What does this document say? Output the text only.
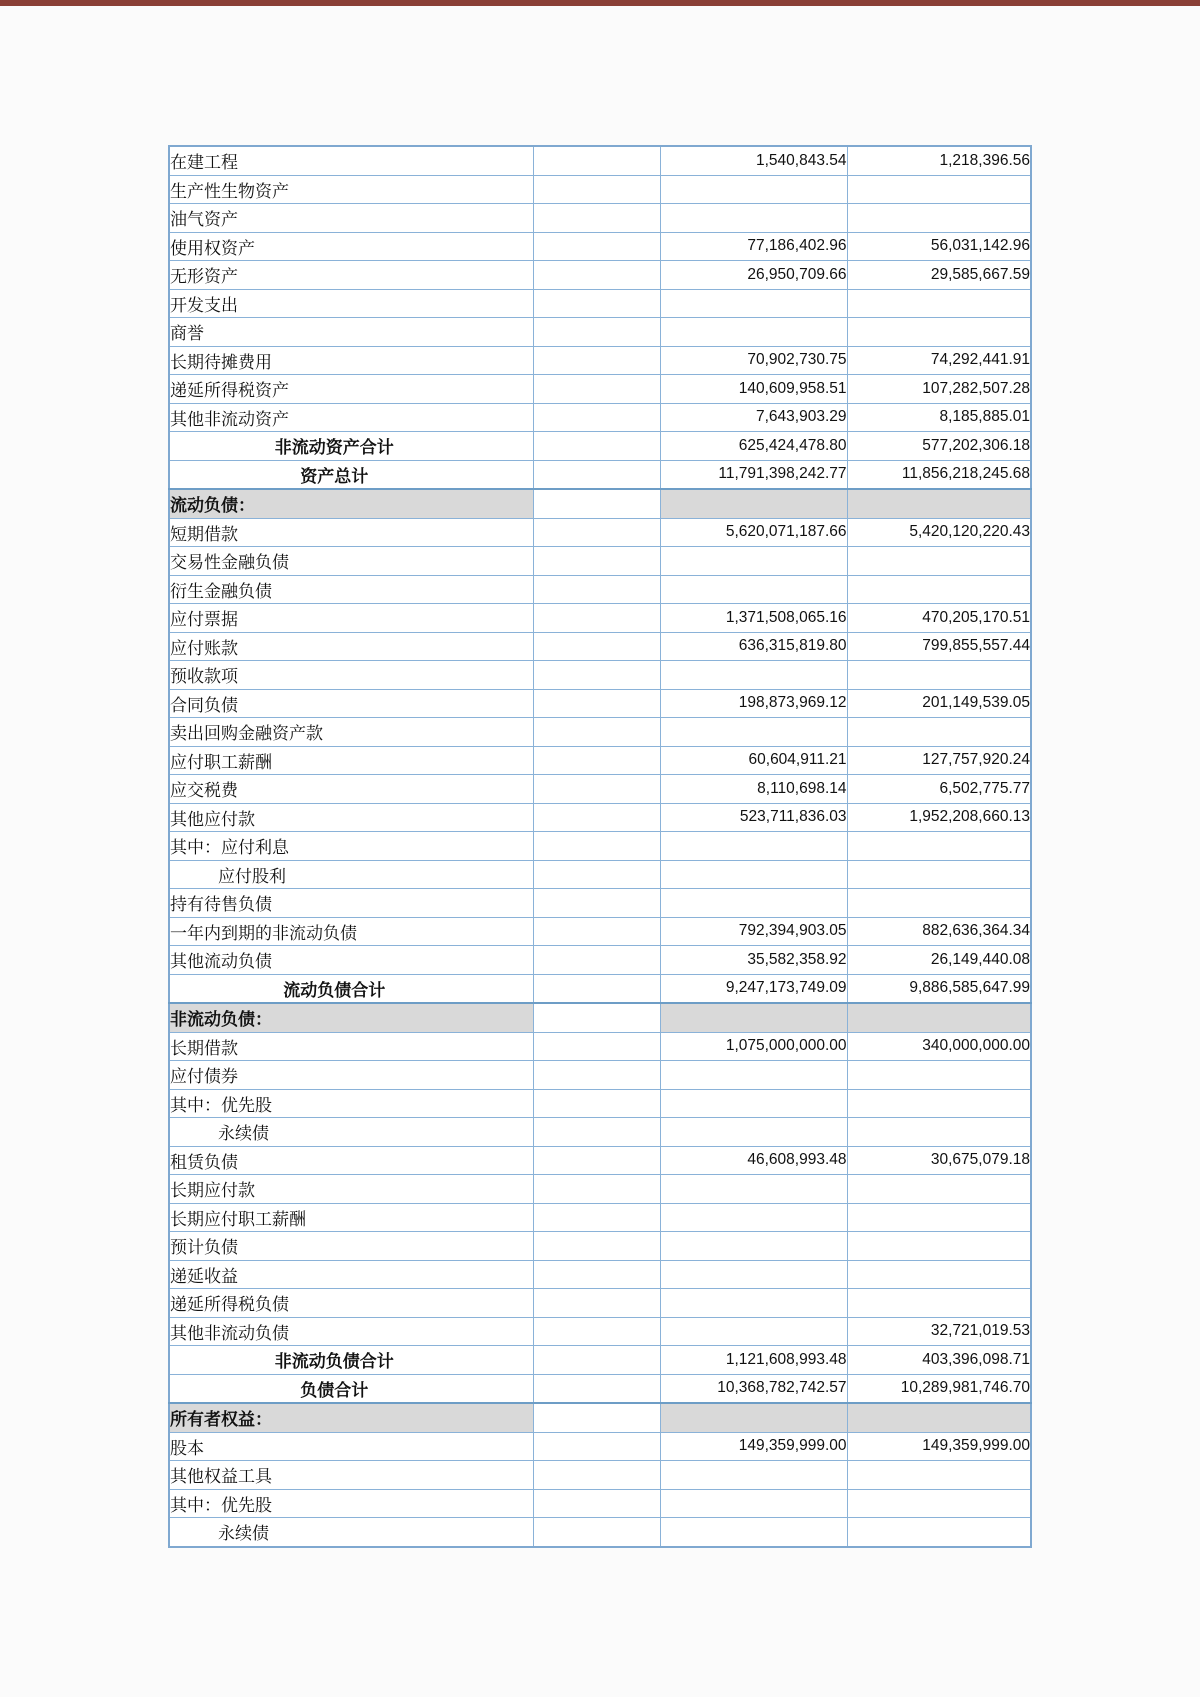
在建工程		1,540,843.54	1,218,396.56
生产性生物资产			
油气资产			
使用权资产		77,186,402.96	56,031,142.96
无形资产		26,950,709.66	29,585,667.59
开发支出			
商誉			
长期待摊费用		70,902,730.75	74,292,441.91
递延所得税资产		140,609,958.51	107,282,507.28
其他非流动资产		7,643,903.29	8,185,885.01
非流动资产合计		625,424,478.80	577,202,306.18
资产总计		11,791,398,242.77	11,856,218,245.68
流动负债：			
短期借款		5,620,071,187.66	5,420,120,220.43
交易性金融负债			
衍生金融负债			
应付票据		1,371,508,065.16	470,205,170.51
应付账款		636,315,819.80	799,855,557.44
预收款项			
合同负债		198,873,969.12	201,149,539.05
卖出回购金融资产款			
应付职工薪酬		60,604,911.21	127,757,920.24
应交税费		8,110,698.14	6,502,775.77
其他应付款		523,711,836.03	1,952,208,660.13
其中：应付利息			
应付股利			
持有待售负债			
一年内到期的非流动负债		792,394,903.05	882,636,364.34
其他流动负债		35,582,358.92	26,149,440.08
流动负债合计		9,247,173,749.09	9,886,585,647.99
非流动负债：			
长期借款		1,075,000,000.00	340,000,000.00
应付债券			
其中：优先股			
永续债			
租赁负债		46,608,993.48	30,675,079.18
长期应付款			
长期应付职工薪酬			
预计负债			
递延收益			
递延所得税负债			
其他非流动负债			32,721,019.53
非流动负债合计		1,121,608,993.48	403,396,098.71
负债合计		10,368,782,742.57	10,289,981,746.70
所有者权益：			
股本		149,359,999.00	149,359,999.00
其他权益工具			
其中：优先股			
永续债			
